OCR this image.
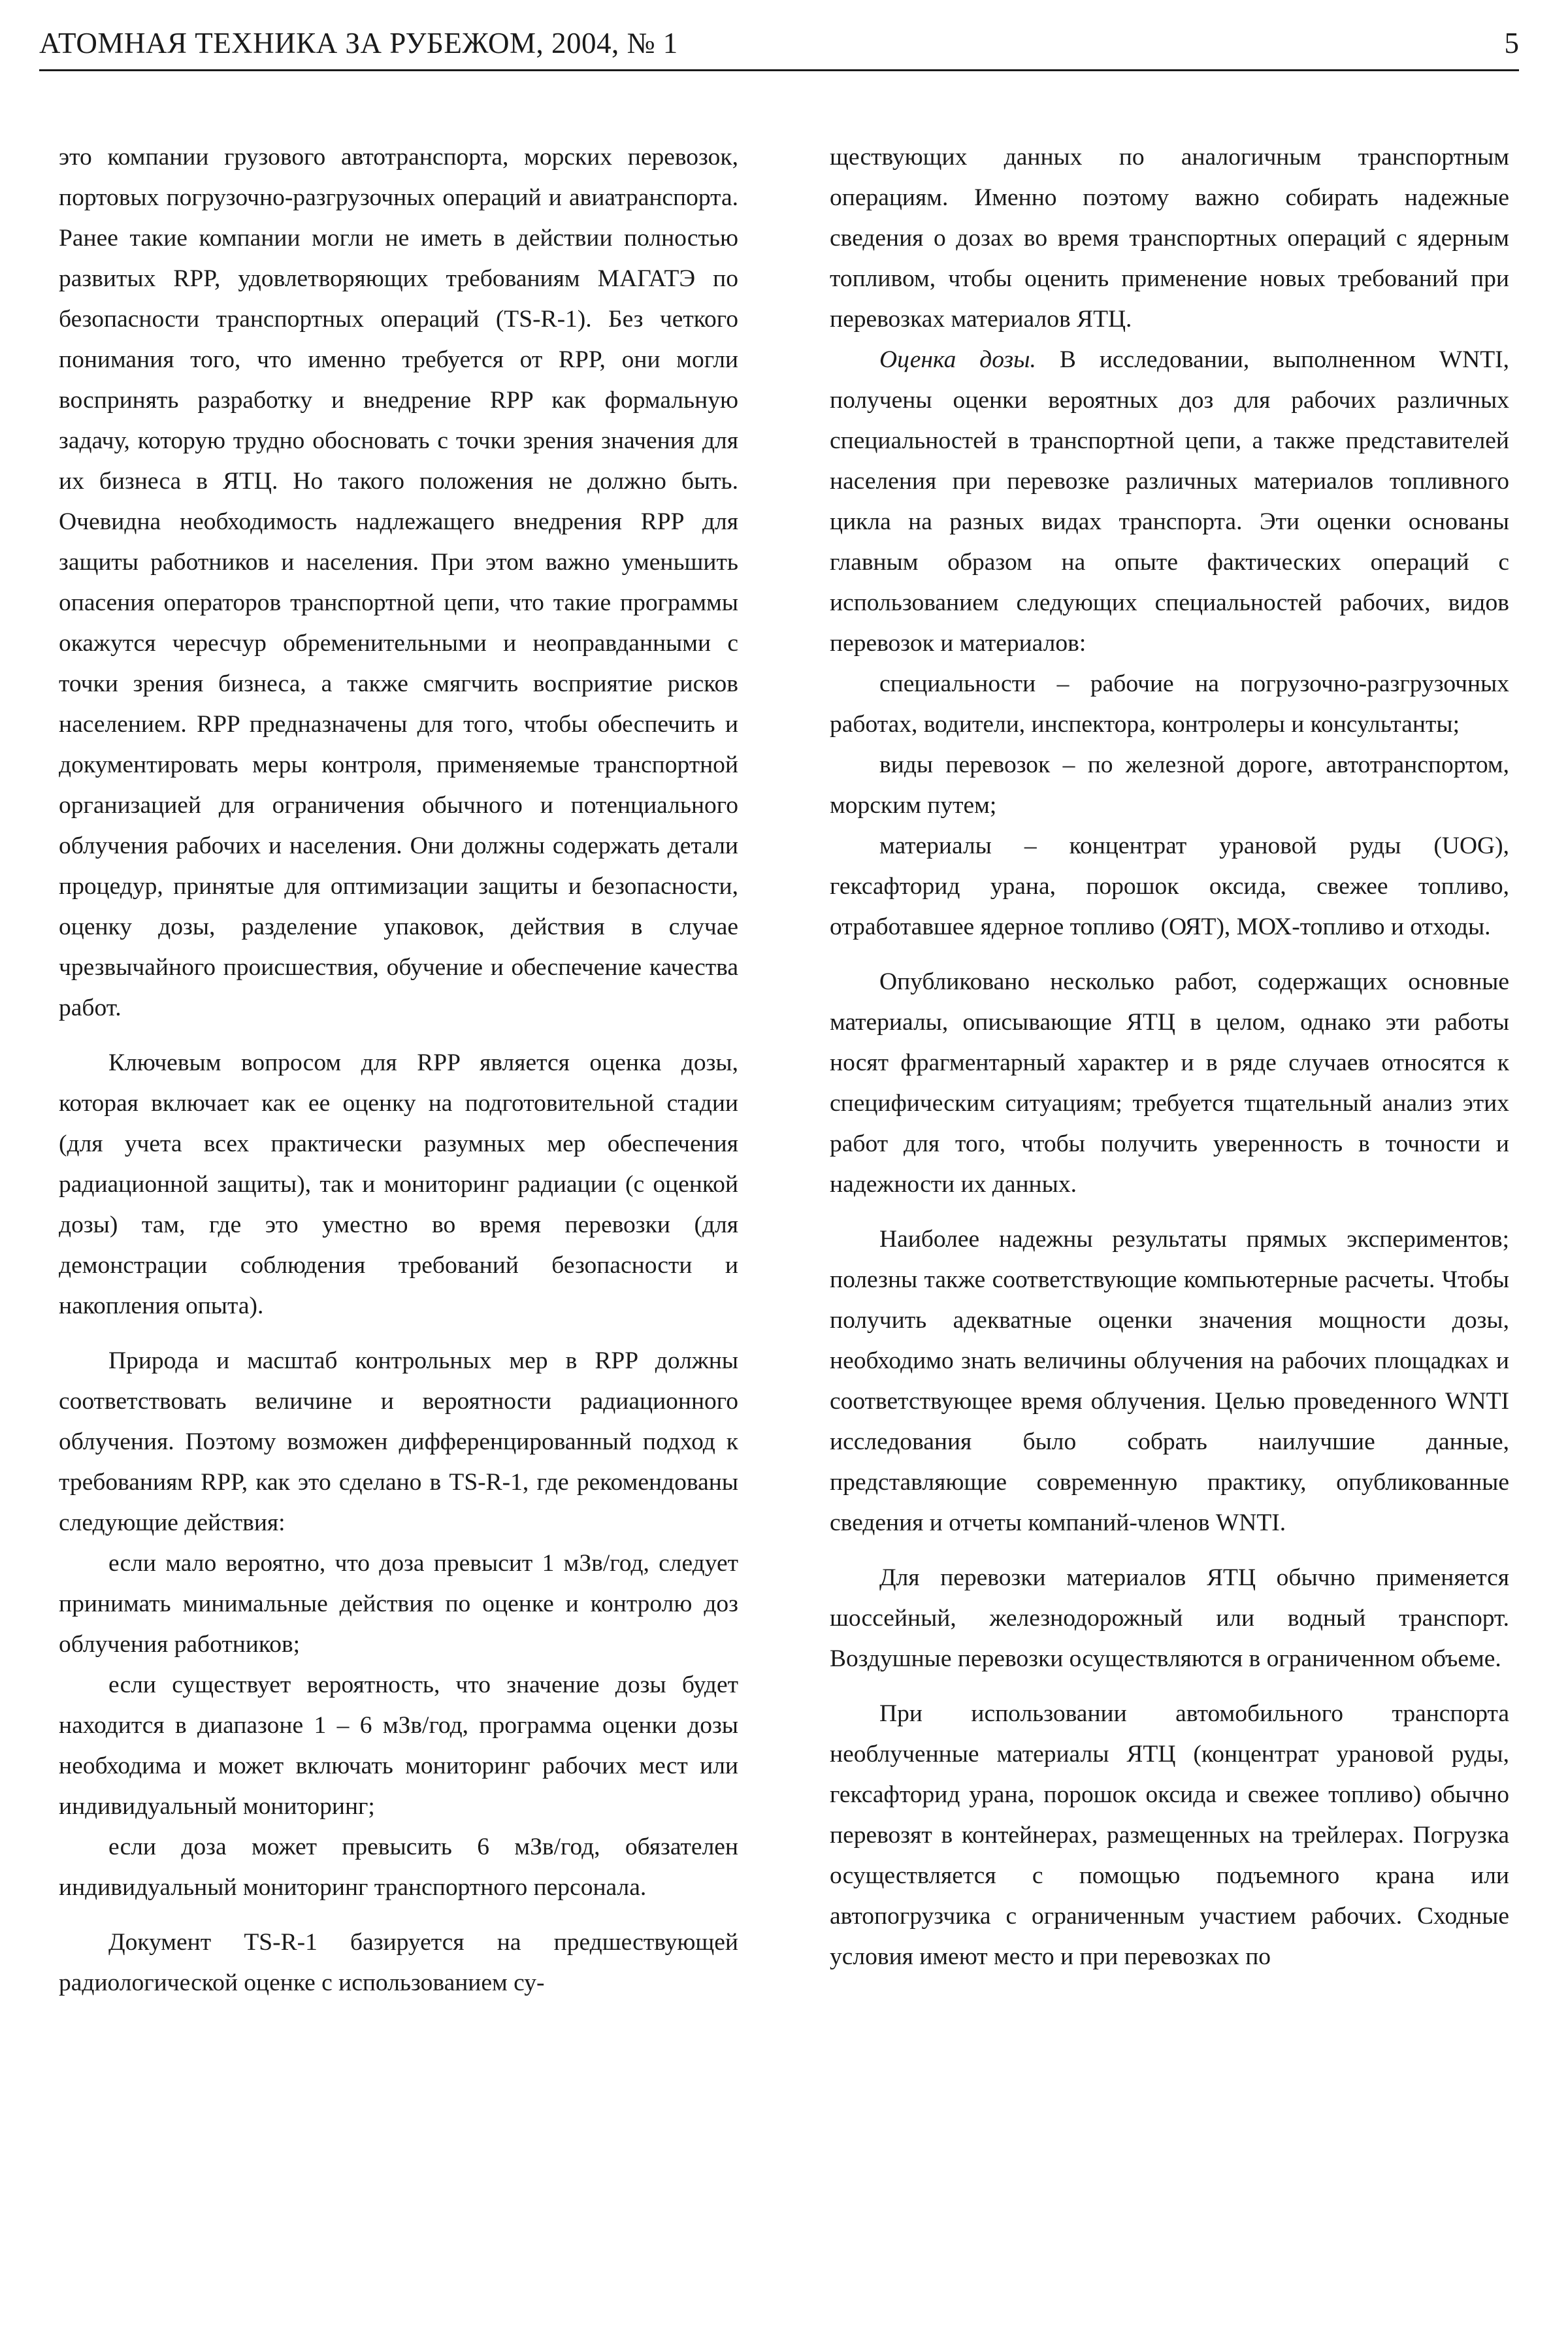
АТОМНАЯ ТЕХНИКА ЗА РУБЕЖОМ, 2004, № 1	5

это компании грузового автотранспорта, морских перевозок, портовых погрузочно-разгрузочных операций и авиатранспорта. Ранее такие компании могли не иметь в действии полностью развитых RPP, удовлетворяющих требованиям МАГАТЭ по безопасности транспортных операций (TS-R-1). Без четкого понимания того, что именно требуется от RPP, они могли воспринять разработку и внедрение RPP как формальную задачу, которую трудно обосновать с точки зрения значения для их бизнеса в ЯТЦ. Но такого положения не должно быть. Очевидна необходимость надлежащего внедрения RPP для защиты работников и населения. При этом важно уменьшить опасения операторов транспортной цепи, что такие программы окажутся чересчур обременительными и неоправданными с точки зрения бизнеса, а также смягчить восприятие рисков населением. RPP предназначены для того, чтобы обеспечить и документировать меры контроля, применяемые транспортной организацией для ограничения обычного и потенциального облучения рабочих и населения. Они должны содержать детали процедур, принятые для оптимизации защиты и безопасности, оценку дозы, разделение упаковок, действия в случае чрезвычайного происшествия, обучение и обеспечение качества работ.

Ключевым вопросом для RPP является оценка дозы, которая включает как ее оценку на подготовительной стадии (для учета всех практически разумных мер обеспечения радиационной защиты), так и мониторинг радиации (с оценкой дозы) там, где это уместно во время перевозки (для демонстрации соблюдения требований безопасности и накопления опыта).

Природа и масштаб контрольных мер в RPP должны соответствовать величине и вероятности радиационного облучения. Поэтому возможен дифференцированный подход к требованиям RPP, как это сделано в TS-R-1, где рекомендованы следующие действия:

если мало вероятно, что доза превысит 1 мЗв/год, следует принимать минимальные действия по оценке и контролю доз облучения работников;

если существует вероятность, что значение дозы будет находится в диапазоне 1 – 6 мЗв/год, программа оценки дозы необходима и может включать мониторинг рабочих мест или индивидуальный мониторинг;

если доза может превысить 6 мЗв/год, обязателен индивидуальный мониторинг транспортного персонала.

Документ TS-R-1 базируется на предшествующей радиологической оценке с использованием су-

ществующих данных по аналогичным транспортным операциям. Именно поэтому важно собирать надежные сведения о дозах во время транспортных операций с ядерным топливом, чтобы оценить применение новых требований при перевозках материалов ЯТЦ.

Оценка дозы. В исследовании, выполненном WNTI, получены оценки вероятных доз для рабочих различных специальностей в транспортной цепи, а также представителей населения при перевозке различных материалов топливного цикла на разных видах транспорта. Эти оценки основаны главным образом на опыте фактических операций с использованием следующих специальностей рабочих, видов перевозок и материалов:

специальности – рабочие на погрузочно-разгрузочных работах, водители, инспектора, контролеры и консультанты;

виды перевозок – по железной дороге, автотранспортом, морским путем;

материалы – концентрат урановой руды (UOG), гексафторид урана, порошок оксида, свежее топливо, отработавшее ядерное топливо (ОЯТ), МОХ-топливо и отходы.

Опубликовано несколько работ, содержащих основные материалы, описывающие ЯТЦ в целом, однако эти работы носят фрагментарный характер и в ряде случаев относятся к специфическим ситуациям; требуется тщательный анализ этих работ для того, чтобы получить уверенность в точности и надежности их данных.

Наиболее надежны результаты прямых экспериментов; полезны также соответствующие компьютерные расчеты. Чтобы получить адекватные оценки значения мощности дозы, необходимо знать величины облучения на рабочих площадках и соответствующее время облучения. Целью проведенного WNTI исследования было собрать наилучшие данные, представляющие современную практику, опубликованные сведения и отчеты компаний-членов WNTI.

Для перевозки материалов ЯТЦ обычно применяется шоссейный, железнодорожный или водный транспорт. Воздушные перевозки осуществляются в ограниченном объеме.

При использовании автомобильного транспорта необлученные материалы ЯТЦ (концентрат урановой руды, гексафторид урана, порошок оксида и свежее топливо) обычно перевозят в контейнерах, размещенных на трейлерах. Погрузка осуществляется с помощью подъемного крана или автопогрузчика с ограниченным участием рабочих. Сходные условия имеют место и при перевозках по
